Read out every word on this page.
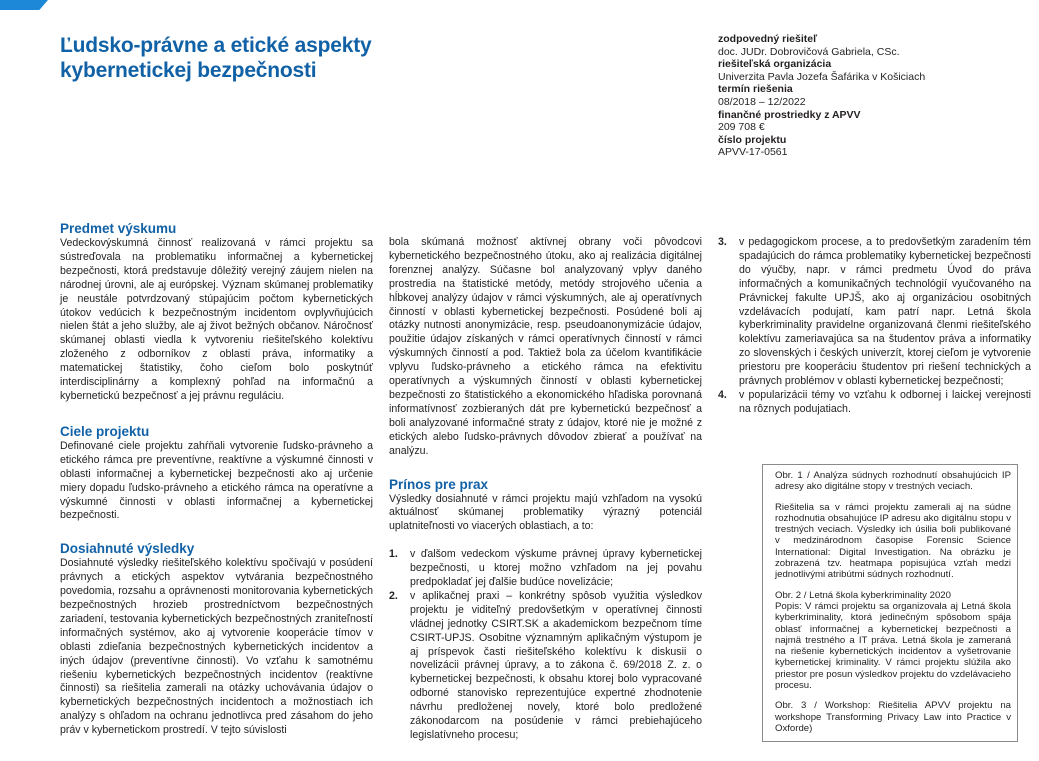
Ľudsko-právne a etické aspekty
kybernetickej bezpečnosti
zodpovedný riešiteľ
doc. JUDr. Dobrovičová Gabriela, CSc.
riešiteľská organizácia
Univerzita Pavla Jozefa Šafárika v Košiciach
termín riešenia
08/2018 – 12/2022
finančné prostriedky z APVV
209 708 €
číslo projektu
APVV-17-0561
Predmet výskumu

Vedeckovýskumná činnosť realizovaná v rámci projektu sa sústreďovala na problematiku informačnej a kybernetickej bezpečnosti, ktorá predstavuje dôležitý verejný záujem nielen na národnej úrovni, ale aj európskej. Význam skúmanej problematiky je neustále potvrdzovaný stúpajúcim počtom kybernetických útokov vedúcich k bezpečnostným incidentom ovplyvňujúcich nielen štát a jeho služby, ale aj život bežných občanov. Náročnosť skúmanej oblasti viedla k vytvoreniu riešiteľského kolektívu zloženého z odborníkov z oblasti práva, informatiky a matematickej štatistiky, čoho cieľom bolo poskytnúť interdisciplinárny a komplexný pohľad na informačnú a kybernetickú bezpečnosť a jej právnu reguláciu.

Ciele projektu

Definované ciele projektu zahŕňali vytvorenie ľudsko-právneho a etického rámca pre preventívne, reaktívne a výskumné činnosti v oblasti informačnej a kybernetickej bezpečnosti ako aj určenie miery dopadu ľudsko-právneho a etického rámca na operatívne a výskumné činnosti v oblasti informačnej a kybernetickej bezpečnosti.

Dosiahnuté výsledky

Dosiahnuté výsledky riešiteľského kolektívu spočívajú v posúdení právnych a etických aspektov vytvárania bezpečnostného povedomia, rozsahu a oprávnenosti monitorovania kybernetických bezpečnostných hrozieb prostredníctvom bezpečnostných zariadení, testovania kybernetických bezpečnostných zraniteľností informačných systémov, ako aj vytvorenie kooperácie tímov v oblasti zdieľania bezpečnostných kybernetických incidentov a iných údajov (preventívne činnosti). Vo vzťahu k samotnému riešeniu kybernetických bezpečnostných incidentov (reaktívne činnosti) sa riešitelia zamerali na otázky uchovávania údajov o kybernetických bezpečnostných incidentoch a možnostiach ich analýzy s ohľadom na ochranu jednotlivca pred zásahom do jeho práv v kybernetickom prostredí. V tejto súvislosti

bola skúmaná možnosť aktívnej obrany voči pôvodcovi kybernetického bezpečnostného útoku, ako aj realizácia digitálnej forenznej analýzy. Súčasne bol analyzovaný vplyv daného prostredia na štatistické metódy, metódy strojového učenia a hĺbkovej analýzy údajov v rámci výskumných, ale aj operatívnych činností v oblasti kybernetickej bezpečnosti. Posúdené boli aj otázky nutnosti anonymizácie, resp. pseudoanonymizácie údajov, použitie údajov získaných v rámci operatívnych činností v rámci výskumných činností a pod. Taktiež bola za účelom kvantifikácie vplyvu ľudsko-právneho a etického rámca na efektivitu operatívnych a výskumných činností v oblasti kybernetickej bezpečnosti zo štatistického a ekonomického hľadiska porovnaná informatívnosť zozbieraných dát pre kybernetickú bezpečnosť a boli analyzované informačné straty z údajov, ktoré nie je možné z etických alebo ľudsko-právnych dôvodov zbierať a používať na analýzu.

Prínos pre prax

Výsledky dosiahnuté v rámci projektu majú vzhľadom na vysokú aktuálnosť skúmanej problematiky výrazný potenciál uplatniteľnosti vo viacerých oblastiach, a to:

1. v ďalšom vedeckom výskume právnej úpravy kybernetickej bezpečnosti, u ktorej možno vzhľadom na jej povahu predpokladať jej ďalšie budúce novelizácie;
2. v aplikačnej praxi – konkrétny spôsob využitia výsledkov projektu je viditeľný predovšetkým v operatívnej činnosti vládnej jednotky CSIRT.SK a akademickom bezpečnom tíme CSIRT-UPJS. Osobitne významným aplikačným výstupom je aj príspevok časti riešiteľského kolektívu k diskusii o novelizácii právnej úpravy, a to zákona č. 69/2018 Z. z. o kybernetickej bezpečnosti, k obsahu ktorej bolo vypracované odborné stanovisko reprezentujúce expertné zhodnotenie návrhu predloženej novely, ktoré bolo predložené zákonodarcom na posúdenie v rámci prebiehajúceho legislatívneho procesu;
3. v pedagogickom procese, a to predovšetkým zaradením tém spadajúcich do rámca problematiky kybernetickej bezpečnosti do výučby, napr. v rámci predmetu Úvod do práva informačných a komunikačných technológií vyučovaného na Právnickej fakulte UPJŠ, ako aj organizáciou osobitných vzdelávacích podujatí, kam patrí napr. Letná škola kyberkriminality pravidelne organizovaná členmi riešiteľského kolektívu zameriavajúca sa na študentov práva a informatiky zo slovenských i českých univerzít, ktorej cieľom je vytvorenie priestoru pre kooperáciu študentov pri riešení technických a právnych problémov v oblasti kybernetickej bezpečnosti;
4. v popularizácii témy vo vzťahu k odbornej i laickej verejnosti na rôznych podujatiach.

Obr. 1 / Analýza súdnych rozhodnutí obsahujúcich IP adresy ako digitálne stopy v trestných veciach.

Riešitelia sa v rámci projektu zamerali aj na súdne rozhodnutia obsahujúce IP adresu ako digitálnu stopu v trestných veciach. Výsledky ich úsilia boli publikované v medzinárodnom časopise Forensic Science International: Digital Investigation. Na obrázku je zobrazená tzv. heatmapa popisujúca vzťah medzi jednotlivými atribútmi súdnych rozhodnutí.

Obr. 2 / Letná škola kyberkriminality 2020
Popis: V rámci projektu sa organizovala aj Letná škola kyberkriminality, ktorá jedinečným spôsobom spája oblasť informačnej a kybernetickej bezpečnosti a najmä trestného a IT práva. Letná škola je zameraná na riešenie kybernetických incidentov a vyšetrovanie kybernetickej kriminality. V rámci projektu slúžila ako priestor pre posun výsledkov projektu do vzdelávacieho procesu.

Obr. 3 / Workshop: Riešitelia APVV projektu na workshope Transforming Privacy Law into Practice v Oxforde)
